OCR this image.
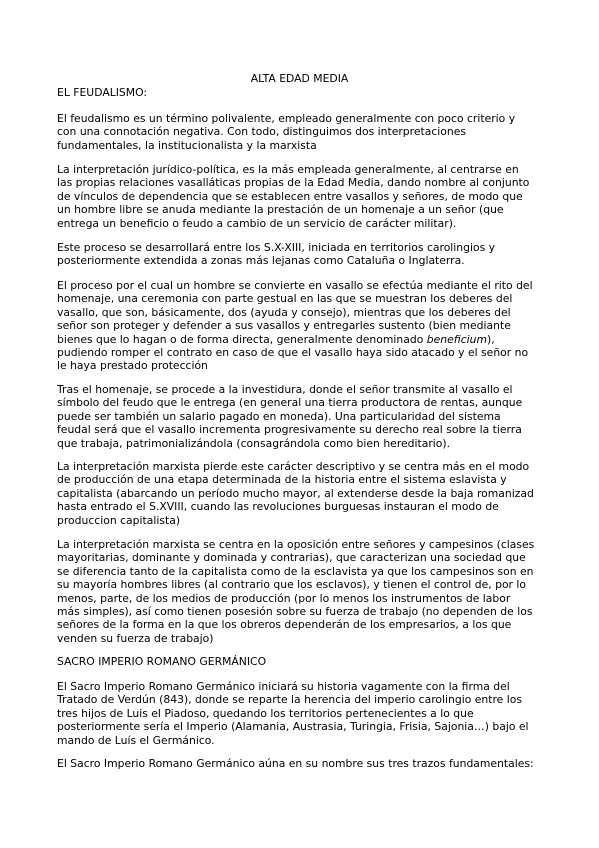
ALTA EDAD MEDIA
EL FEUDALISMO:
El feudalismo es un término polivalente, empleado generalmente con poco criterio y
con una connotación negativa. Con todo, distinguimos dos interpretaciones
fundamentales, la institucionalista y la marxista
La interpretación jurídico-política, es la más empleada generalmente, al centrarse en
las propias relaciones vasalláticas propias de la Edad Media, dando nombre al conjunto
de vínculos de dependencia que se establecen entre vasallos y señores, de modo que
un hombre libre se anuda mediante la prestación de un homenaje a un señor (que
entrega un beneficio o feudo a cambio de un servicio de carácter militar).
Este proceso se desarrollará entre los S.X-XIII, iniciada en territorios carolingios y
posteriormente extendida a zonas más lejanas como Cataluña o Inglaterra.
El proceso por el cual un hombre se convierte en vasallo se efectúa mediante el rito del
homenaje, una ceremonia con parte gestual en las que se muestran los deberes del
vasallo, que son, básicamente, dos (ayuda y consejo), mientras que los deberes del
señor son proteger y defender a sus vasallos y entregarles sustento (bien mediante
bienes que lo hagan o de forma directa, generalmente denominado beneficium),
pudiendo romper el contrato en caso de que el vasallo haya sido atacado y el señor no
le haya prestado protección
Tras el homenaje, se procede a la investidura, donde el señor transmite al vasallo el
símbolo del feudo que le entrega (en general una tierra productora de rentas, aunque
puede ser también un salario pagado en moneda). Una particularidad del sistema
feudal será que el vasallo incrementa progresivamente su derecho real sobre la tierra
que trabaja, patrimonializándola (consagrándola como bien hereditario).
La interpretación marxista pierde este carácter descriptivo y se centra más en el modo
de producción de una etapa determinada de la historia entre el sistema eslavista y
capitalista (abarcando un período mucho mayor, al extenderse desde la baja romanizad
hasta entrado el S.XVIII, cuando las revoluciones burguesas instauran el modo de
produccion capitalista)
La interpretación marxista se centra en la oposición entre señores y campesinos (clases
mayoritarias, dominante y dominada y contrarias), que caracterizan una sociedad que
se diferencia tanto de la capitalista como de la esclavista ya que los campesinos son en
su mayoría hombres libres (al contrario que los esclavos), y tienen el control de, por lo
menos, parte, de los medios de producción (por lo menos los instrumentos de labor
más simples), así como tienen posesión sobre su fuerza de trabajo (no dependen de los
señores de la forma en la que los obreros dependerán de los empresarios, a los que
venden su fuerza de trabajo)
SACRO IMPERIO ROMANO GERMÁNICO
El Sacro Imperio Romano Germánico iniciará su historia vagamente con la firma del
Tratado de Verdún (843), donde se reparte la herencia del imperio carolingio entre los
tres hijos de Luis el Piadoso, quedando los territorios pertenecientes a lo que
posteriormente sería el Imperio (Alamania, Austrasia, Turingia, Frisia, Sajonia…) bajo el
mando de Luís el Germánico.
El Sacro Imperio Romano Germánico aúna en su nombre sus tres trazos fundamentales:
